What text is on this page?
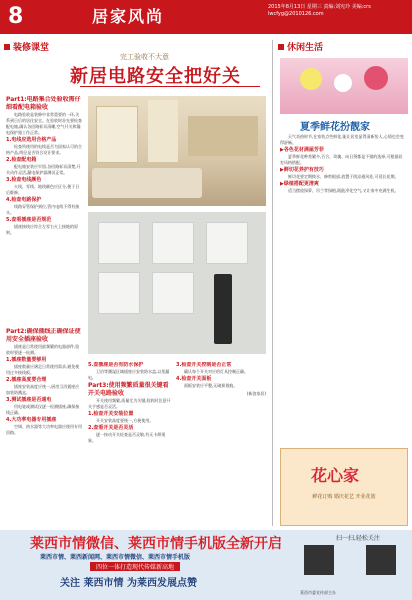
8	居家风尚	2015年8月13日 星期三 责编:刘宪玲 美编:crs lwcfyg@2010126.com
装修课堂
完工验收不大意
新居电路安全把好关
Part1:电路集合处验收需仔细看配电箱验收

电路验收是装修中非常重要的一环,关系到日后的居住安全。在验收时首先要检查配电箱,确认各回路标识清晰,空气开关和漏电保护器工作正常。

1.电线应选用合格产品

检查所使用的电线是否为国家认可的合格产品,线径是否符合设计要求。

2.检查配电箱

配电箱安装应牢固,各回路标识清楚,开关动作灵活,漏电保护器测试正常。

3.检查电线颜色

火线、零线、地线颜色应区分,便于日后维修。

4.检查电路保护

线路穿管保护到位,管内电线不得有接头。

5.查看插座是否规范

插座接线应符合左零右火上接地的原则。

Part2:确保插线正确保证使用安全插座验收

插座是日常使用最频繁的电器部件,验收时要逐一检测。

1.插座数量要够用

插座数量应满足日常使用需求,避免使用过多接线板。

2.插座高度要合理

插座安装高度应统一,厨房卫浴插座应加装防溅盒。

3.测试插座是否通电

用电笔或测试仪逐一检测插座,确保接线正确。

4.大功率电器专用插座

空调、热水器等大功率电器应使用专用回路。

5.查插座是否有防水保护

卫浴等潮湿区域插座应安装防水盖,以免漏电。

Part3:使用频繁质量很关键看开关电路验收

开关使用频繁,质量尤为关键,验收时注意开关手感是否灵活。

1.检查开关安装位置

开关安装高度要统一,方便使用。

2.查看开关是否灵活

逐一按动开关检查是否灵敏,有无卡滞现象。

3.检查开关控制是否正常

确认每个开关对应的灯具控制正确。

4.检查开关面板

面板安装应平整,无破损划痕。

(新浪家居)

休闲生活
夏季鲜花扮靓家

天气炎热时节,在家装点些鲜花,能让居室显得清新怡人,心情也会变得舒畅。

▶各色花材满屋芳菲

夏季鲜花种类繁多,百合、玫瑰、向日葵都是不错的选择,可根据居室风格搭配。

▶鲜切花养护有技巧

鲜切花要定期换水、修剪根部,放置于阴凉通风处,可延长花期。

▶绿植搭配更清爽

适当摆放绿萝、吊兰等绿植,既能净化空气,又让家中充满生机。

花心家
鲜花订购 婚庆花艺 开业花篮
莱西市情微信、莱西市情手机版全新开启
莱西市情、莱西新闻网、莱西市情微信、莱西市情手机版
四位一体打造现代传媒新高地
关注 莱西市情 为莱西发展点赞
扫一扫,轻松关注
莱西市委宣传部主办
